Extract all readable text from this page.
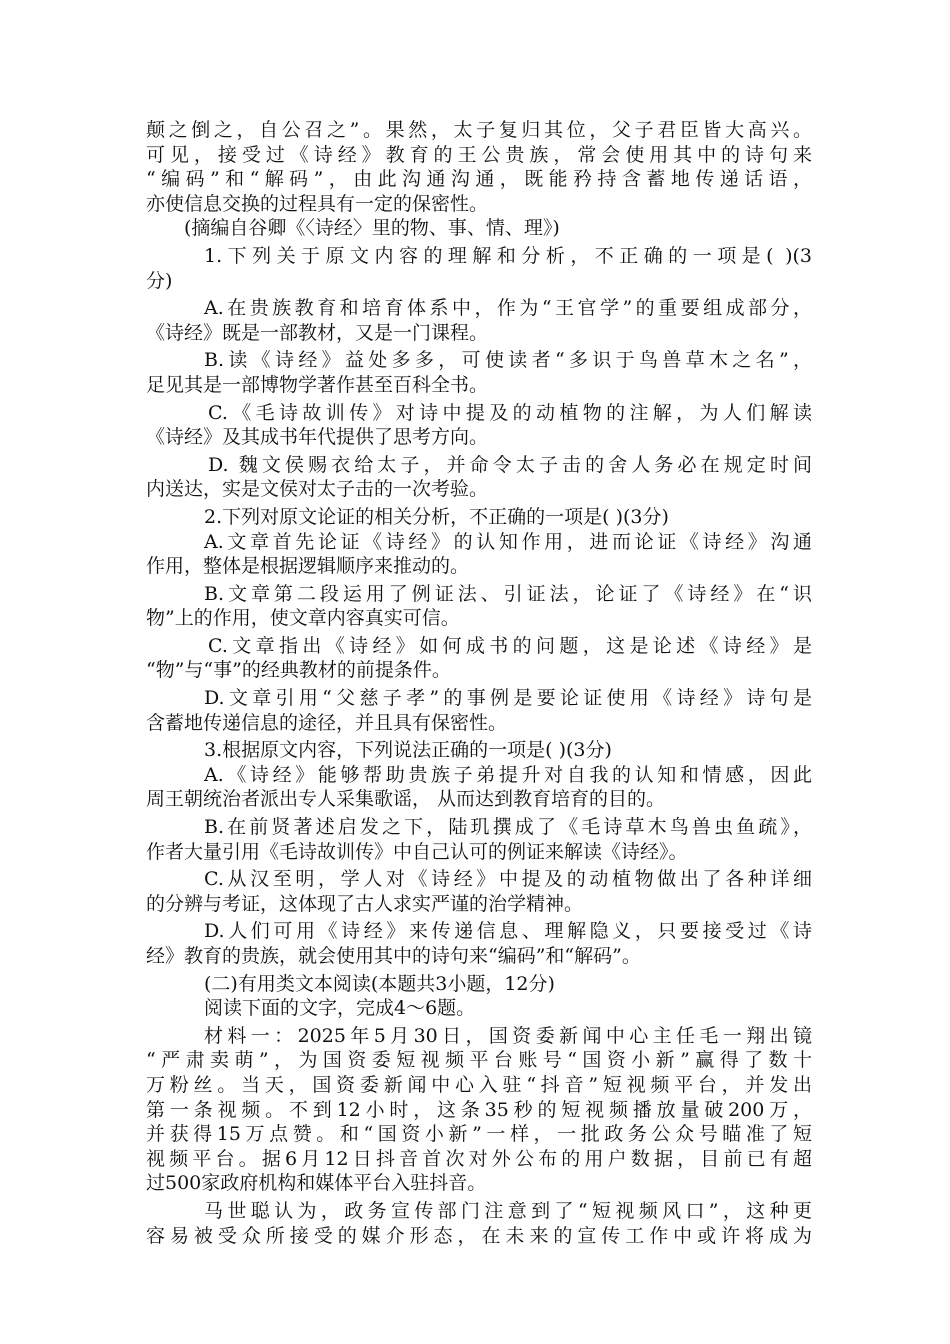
颠之倒之，自公召之”。果然，太子复归其位，父子君臣皆大高兴。
可见，接受过《诗经》教育的王公贵族，常会使用其中的诗句来
“编码”和“解码”，由此沟通沟通，既能矜持含蓄地传递话语，
亦使信息交换的过程具有一定的保密性。
(摘编自谷卿《〈诗经〉里的物、事、情、理》)
1.下列关于原文内容的理解和分析，不正确的一项是( )(3
分)
A.在贵族教育和培育体系中，作为“王官学”的重要组成部分，
《诗经》既是一部教材，又是一门课程。
B.读《诗经》益处多多，可使读者“多识于鸟兽草木之名”，
足见其是一部博物学著作甚至百科全书。
C.《毛诗故训传》对诗中提及的动植物的注解，为人们解读
《诗经》及其成书年代提供了思考方向。
D. 魏文侯赐衣给太子，并命令太子击的舍人务必在规定时间
内送达，实是文侯对太子击的一次考验。
2.下列对原文论证的相关分析，不正确的一项是( )(3分)
A.文章首先论证《诗经》的认知作用，进而论证《诗经》沟通
作用，整体是根据逻辑顺序来推动的。
B.文章第二段运用了例证法、引证法，论证了《诗经》在“识
物”上的作用，使文章内容真实可信。
C.文章指出《诗经》如何成书的问题，这是论述《诗经》是
“物”与“事”的经典教材的前提条件。
D.文章引用“父慈子孝”的事例是要论证使用《诗经》诗句是
含蓄地传递信息的途径，并且具有保密性。
3.根据原文内容，下列说法正确的一项是( )(3分)
A.《诗经》能够帮助贵族子弟提升对自我的认知和情感，因此
周王朝统治者派出专人采集歌谣， 从而达到教育培育的目的。
B.在前贤著述启发之下，陆玑撰成了《毛诗草木鸟兽虫鱼疏》，
作者大量引用《毛诗故训传》中自己认可的例证来解读《诗经》。
C.从汉至明，学人对《诗经》中提及的动植物做出了各种详细
的分辨与考证，这体现了古人求实严谨的治学精神。
D.人们可用《诗经》来传递信息、理解隐义，只要接受过《诗
经》教育的贵族，就会使用其中的诗句来“编码”和“解码”。
(二)有用类文本阅读(本题共3小题，12分)
阅读下面的文字，完成4～6题。
材料一：2025年5月30日，国资委新闻中心主任毛一翔出镜
“严肃卖萌”，为国资委短视频平台账号“国资小新”赢得了数十
万粉丝。当天，国资委新闻中心入驻“抖音”短视频平台，并发出
第一条视频。不到12小时，这条35秒的短视频播放量破200万，
并获得15万点赞。和“国资小新”一样，一批政务公众号瞄准了短
视频平台。据6月12日抖音首次对外公布的用户数据，目前已有超
过500家政府机构和媒体平台入驻抖音。
马世聪认为，政务宣传部门注意到了“短视频风口”，这种更
容易被受众所接受的媒介形态，在未来的宣传工作中或许将成为
